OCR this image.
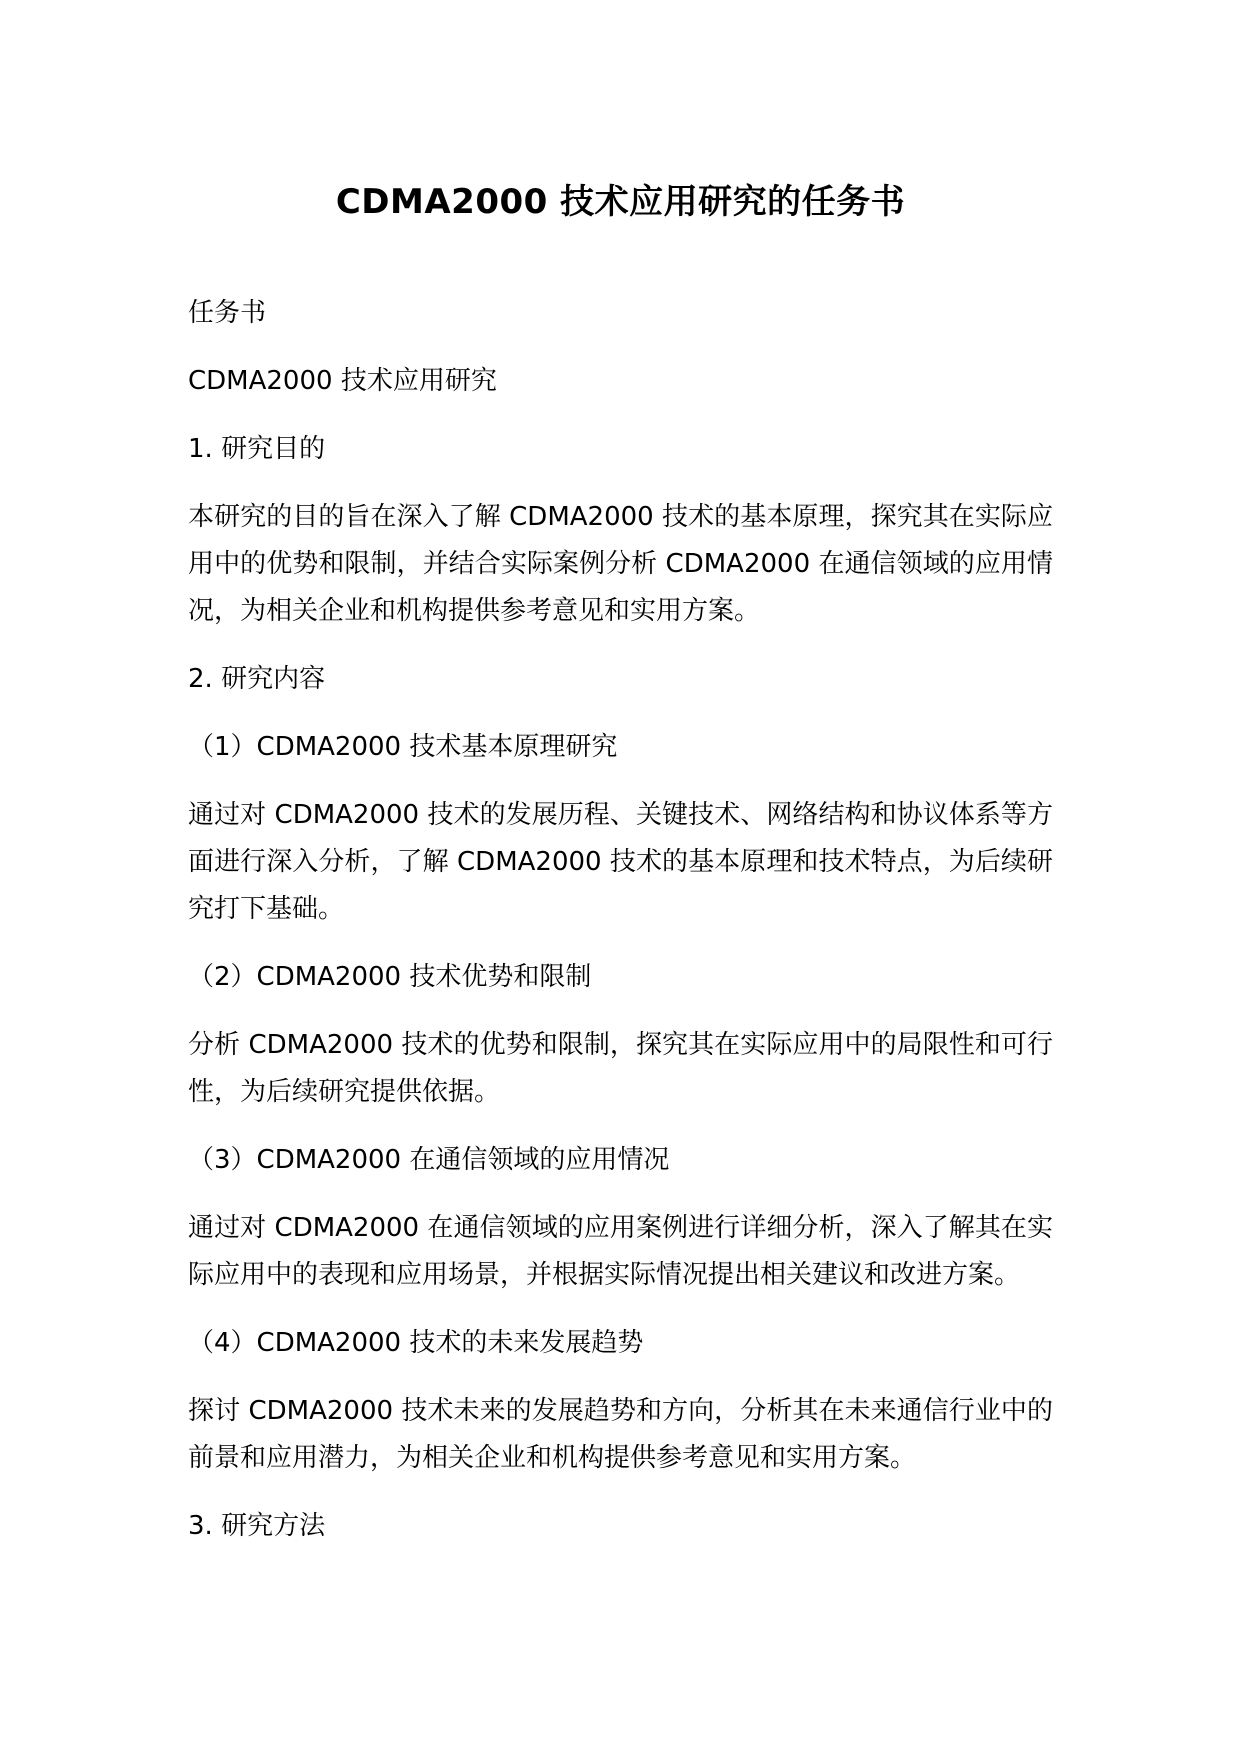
CDMA2000 技术应用研究的任务书

任务书

CDMA2000 技术应用研究

1. 研究目的

本研究的目的旨在深入了解 CDMA2000 技术的基本原理，探究其在实际应用中的优势和限制，并结合实际案例分析 CDMA2000 在通信领域的应用情况，为相关企业和机构提供参考意见和实用方案。

2. 研究内容

（1）CDMA2000 技术基本原理研究

通过对 CDMA2000 技术的发展历程、关键技术、网络结构和协议体系等方面进行深入分析，了解 CDMA2000 技术的基本原理和技术特点，为后续研究打下基础。

（2）CDMA2000 技术优势和限制

分析 CDMA2000 技术的优势和限制，探究其在实际应用中的局限性和可行性，为后续研究提供依据。

（3）CDMA2000 在通信领域的应用情况

通过对 CDMA2000 在通信领域的应用案例进行详细分析，深入了解其在实际应用中的表现和应用场景，并根据实际情况提出相关建议和改进方案。

（4）CDMA2000 技术的未来发展趋势

探讨 CDMA2000 技术未来的发展趋势和方向，分析其在未来通信行业中的前景和应用潜力，为相关企业和机构提供参考意见和实用方案。

3. 研究方法
